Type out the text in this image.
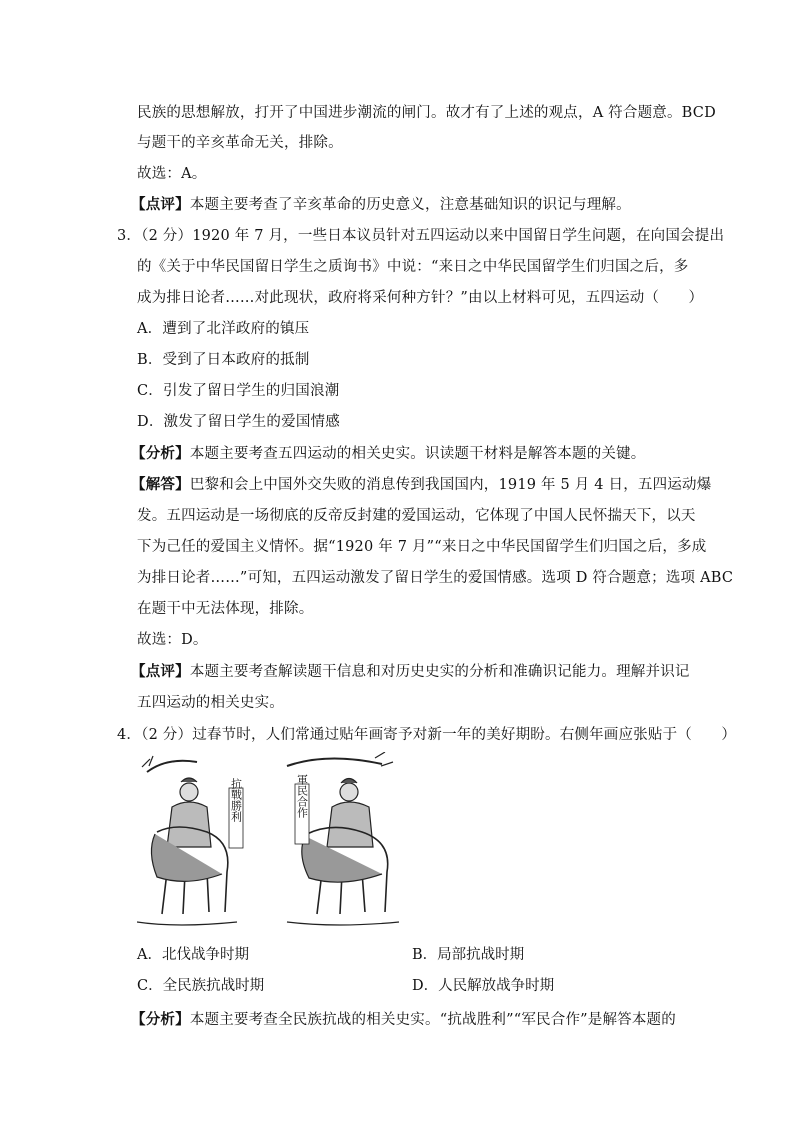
民族的思想解放，打开了中国进步潮流的闸门。故才有了上述的观点，A 符合题意。BCD
与题干的辛亥革命无关，排除。
故选：A。
【点评】本题主要考查了辛亥革命的历史意义，注意基础知识的识记与理解。
3．（2 分）1920 年 7 月，一些日本议员针对五四运动以来中国留日学生问题，在向国会提出
的《关于中华民国留日学生之质询书》中说：“来日之中华民国留学生们归国之后，多
成为排日论者……对此现状，政府将采何种方针？”由以上材料可见，五四运动（　　）
A．遭到了北洋政府的镇压
B．受到了日本政府的抵制
C．引发了留日学生的归国浪潮
D．激发了留日学生的爱国情感
【分析】本题主要考查五四运动的相关史实。识读题干材料是解答本题的关键。
【解答】巴黎和会上中国外交失败的消息传到我国国内，1919 年 5 月 4 日，五四运动爆
发。五四运动是一场彻底的反帝反封建的爱国运动，它体现了中国人民怀揣天下，以天
下为己任的爱国主义情怀。据“1920 年 7 月”“来日之中华民国留学生们归国之后，多成
为排日论者……”可知，五四运动激发了留日学生的爱国情感。选项 D 符合题意；选项 ABC
在题干中无法体现，排除。
故选：D。
【点评】本题主要考查解读题干信息和对历史史实的分析和准确识记能力。理解并识记
五四运动的相关史实。
4．（2 分）过春节时，人们常通过贴年画寄予对新一年的美好期盼。右侧年画应张贴于（　　）
抗戰勝利	軍民合作
A．北伐战争时期	B．局部抗战时期
C．全民族抗战时期	D．人民解放战争时期
【分析】本题主要考查全民族抗战的相关史实。“抗战胜利”“军民合作”是解答本题的
